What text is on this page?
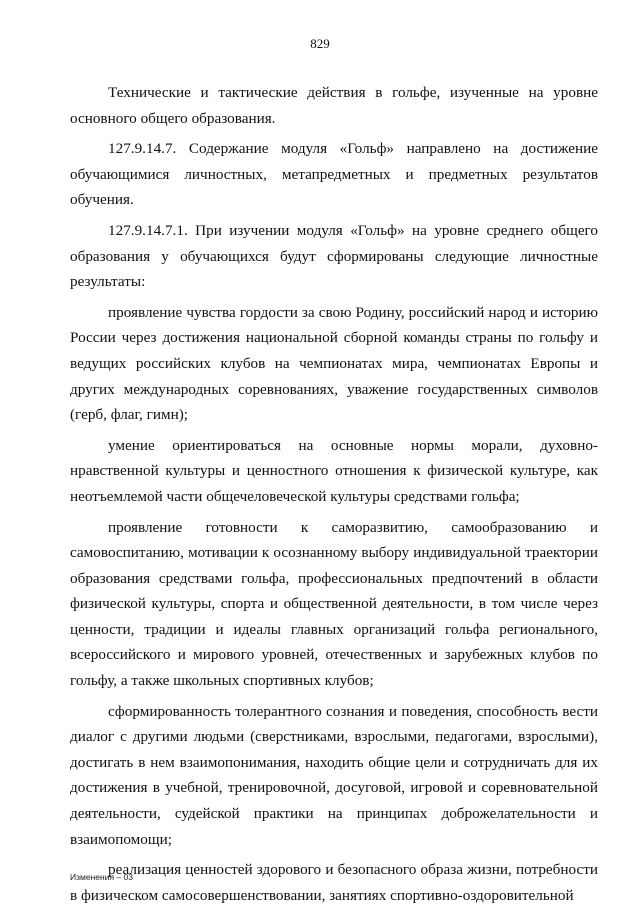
829

Технические и тактические действия в гольфе, изученные на уровне основного общего образования.

127.9.14.7. Содержание модуля «Гольф» направлено на достижение обучающимися личностных, метапредметных и предметных результатов обучения.

127.9.14.7.1. При изучении модуля «Гольф» на уровне среднего общего образования у обучающихся будут сформированы следующие личностные результаты:

проявление чувства гордости за свою Родину, российский народ и историю России через достижения национальной сборной команды страны по гольфу и ведущих российских клубов на чемпионатах мира, чемпионатах Европы и других международных соревнованиях, уважение государственных символов (герб, флаг, гимн);

умение ориентироваться на основные нормы морали, духовно-нравственной культуры и ценностного отношения к физической культуре, как неотъемлемой части общечеловеческой культуры средствами гольфа;

проявление готовности к саморазвитию, самообразованию и самовоспитанию, мотивации к осознанному выбору индивидуальной траектории образования средствами гольфа, профессиональных предпочтений в области физической культуры, спорта и общественной деятельности, в том числе через ценности, традиции и идеалы главных организаций гольфа регионального, всероссийского и мирового уровней, отечественных и зарубежных клубов по гольфу, а также школьных спортивных клубов;

сформированность толерантного сознания и поведения, способность вести диалог с другими людьми (сверстниками, взрослыми, педагогами, взрослыми), достигать в нем взаимопонимания, находить общие цели и сотрудничать для их достижения в учебной, тренировочной, досуговой, игровой и соревновательной деятельности, судейской практики на принципах доброжелательности и взаимопомощи;

реализация ценностей здорового и безопасного образа жизни, потребности в физическом самосовершенствовании, занятиях спортивно-оздоровительной

Изменения – 03
